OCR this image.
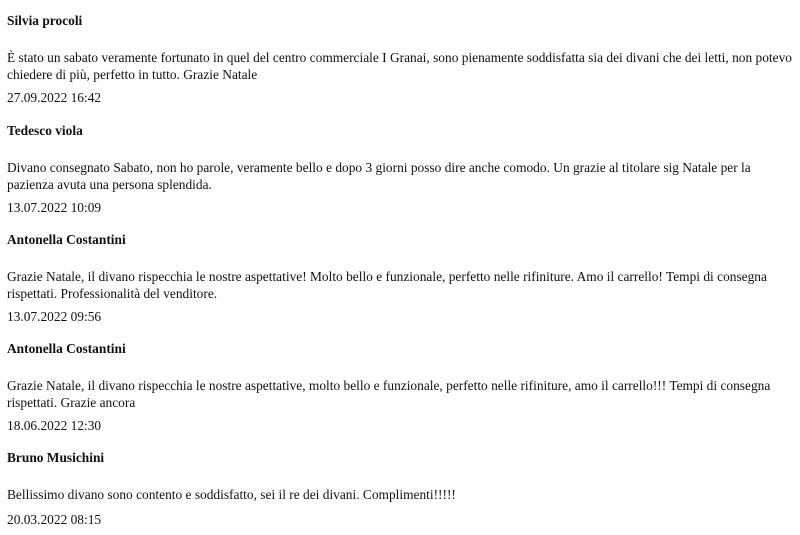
Silvia procoli
È stato un sabato veramente fortunato in quel del centro commerciale I Granai, sono pienamente soddisfatta sia dei divani che dei letti, non potevo chiedere di più, perfetto in tutto. Grazie Natale
27.09.2022 16:42
Tedesco viola
Divano consegnato Sabato, non ho parole, veramente bello e dopo 3 giorni posso dire anche comodo. Un grazie al titolare sig Natale per la pazienza avuta una persona splendida.
13.07.2022 10:09
Antonella Costantini
Grazie Natale, il divano rispecchia le nostre aspettative! Molto bello e funzionale, perfetto nelle rifiniture. Amo il carrello! Tempi di consegna rispettati. Professionalità del venditore.
13.07.2022 09:56
Antonella Costantini
Grazie Natale, il divano rispecchia le nostre aspettative, molto bello e funzionale, perfetto nelle rifiniture, amo il carrello!!! Tempi di consegna rispettati. Grazie ancora
18.06.2022 12:30
Bruno Musichini
Bellissimo divano sono contento e soddisfatto, sei il re dei divani. Complimenti!!!!!
20.03.2022 08:15
